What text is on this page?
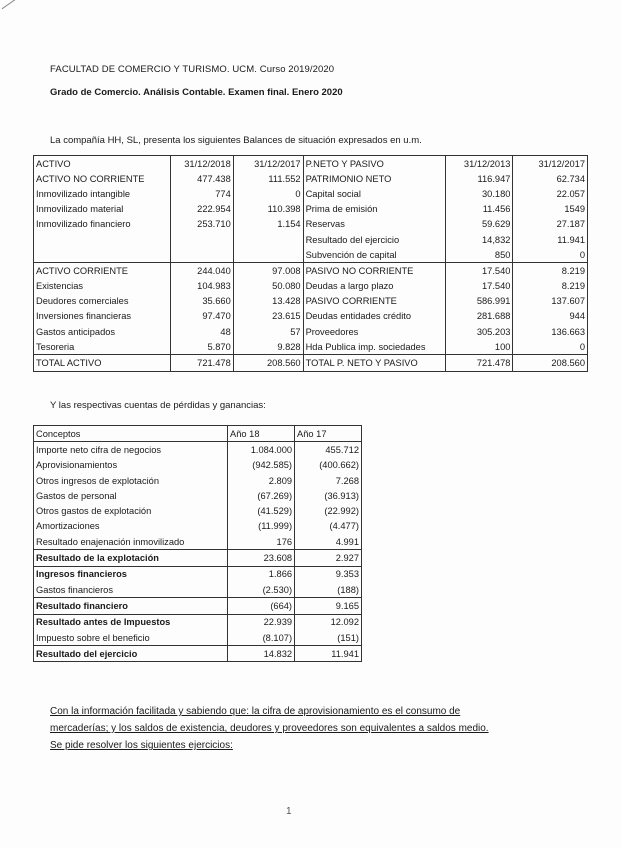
FACULTAD DE COMERCIO Y TURISMO. UCM. Curso 2019/2020
Grado de Comercio. Análisis Contable. Examen final. Enero 2020
La compañía HH, SL, presenta los siguientes Balances de situación expresados en u.m.
ACTIVO	31/12/2018	31/12/2017	P.NETO Y PASIVO	31/12/2013	31/12/2017
ACTIVO NO CORRIENTE	477.438	111.552	PATRIMONIO NETO	116.947	62.734
Inmovilizado intangible	774	0	Capital social	30.180	22.057
Inmovilizado material	222.954	110.398	Prima de emisión	11.456	1549
Inmovilizado financiero	253.710	1.154	Reservas	59.629	27.187
			Resultado del ejercicio	14,832	11.941
			Subvención de capital	850	0
ACTIVO CORRIENTE	244.040	97.008	PASIVO NO CORRIENTE	17.540	8.219
Existencias	104.983	50.080	Deudas a largo plazo	17.540	8.219
Deudores comerciales	35.660	13.428	PASIVO CORRIENTE	586.991	137.607
Inversiones financieras	97.470	23.615	Deudas entidades crédito	281.688	944
Gastos anticipados	48	57	Proveedores	305.203	136.663
Tesoreria	5.870	9.828	Hda Publica imp. sociedades	100	0
TOTAL ACTIVO	721.478	208.560	TOTAL P. NETO Y PASIVO	721.478	208.560
Y las respectivas cuentas de pérdidas y ganancias:
Conceptos	Año 18	Año 17
Importe neto cifra de negocios	1.084.000	455.712
Aprovisionamientos	(942.585)	(400.662)
Otros ingresos de explotación	2.809	7.268
Gastos de personal	(67.269)	(36.913)
Otros gastos de explotación	(41.529)	(22.992)
Amortizaciones	(11.999)	(4.477)
Resultado enajenación inmovilizado	176	4.991
Resultado de la explotación	23.608	2.927
Ingresos financieros	1.866	9.353
Gastos financieros	(2.530)	(188)
Resultado financiero	(664)	9.165
Resultado antes de Impuestos	22.939	12.092
Impuesto sobre el beneficio	(8.107)	(151)
Resultado del ejercicio	14.832	11.941
Con la información facilitada y sabiendo que: la cifra de aprovisionamiento es el consumo de mercaderías; y los saldos de existencia, deudores y proveedores son equivalentes a saldos medio. Se pide resolver los siguientes ejercicios:
1
